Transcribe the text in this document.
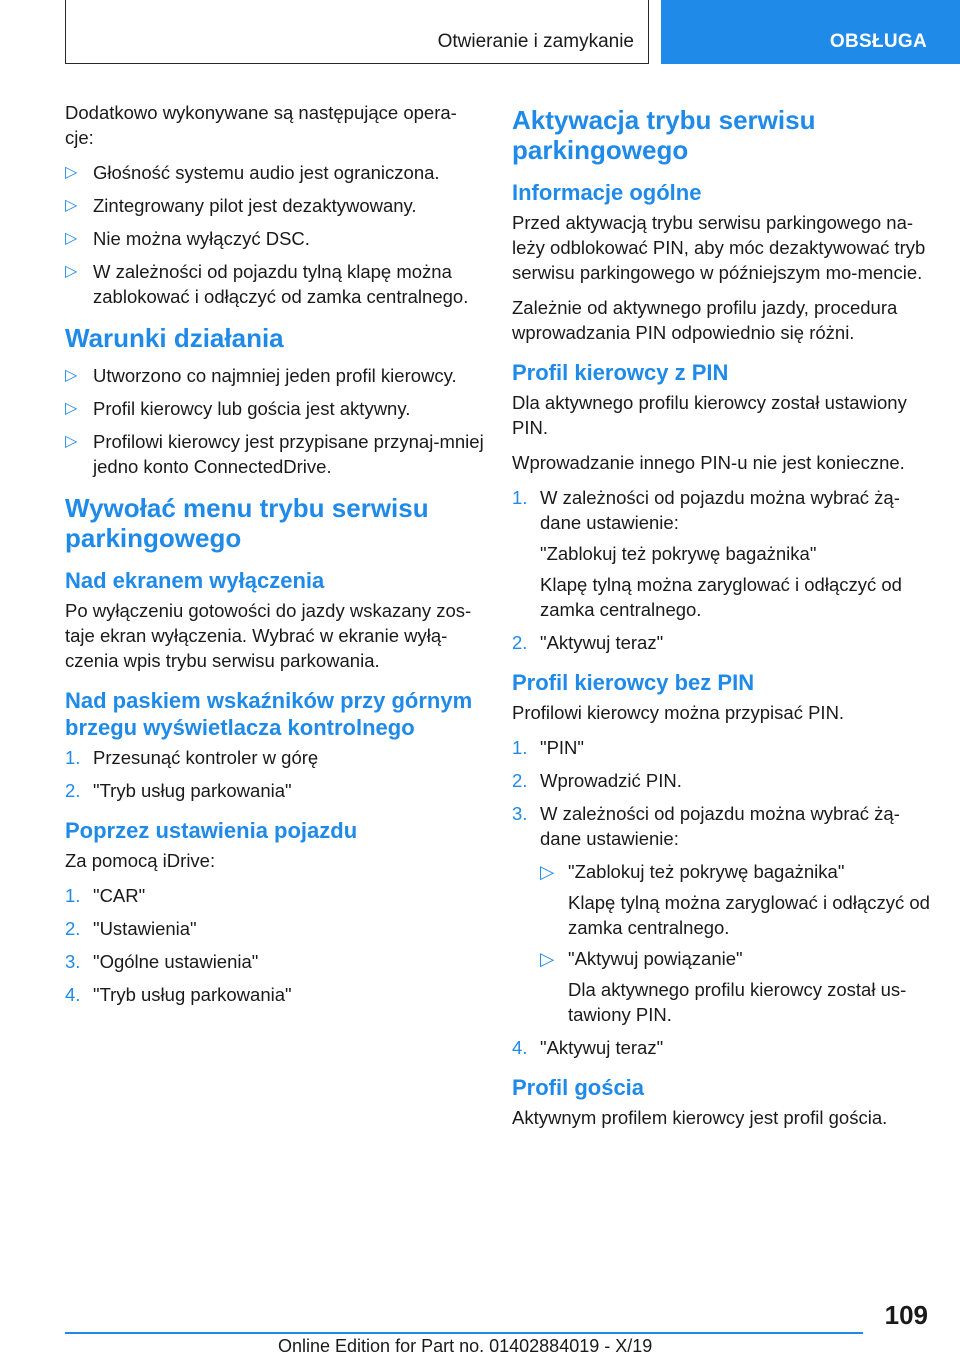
Otwieranie i zamykanie	OBSŁUGA

Dodatkowo wykonywane są następujące opera-cje:

▷ Głośność systemu audio jest ograniczona.
▷ Zintegrowany pilot jest dezaktywowany.
▷ Nie można wyłączyć DSC.
▷ W zależności od pojazdu tylną klapę można zablokować i odłączyć od zamka centralnego.
Warunki działania
▷ Utworzono co najmniej jeden profil kierowcy.
▷ Profil kierowcy lub gościa jest aktywny.
▷ Profilowi kierowcy jest przypisane przynaj-mniej jedno konto ConnectedDrive.
Wywołać menu trybu serwisu parkingowego
Nad ekranem wyłączenia

Po wyłączeniu gotowości do jazdy wskazany zos-taje ekran wyłączenia. Wybrać w ekranie wyłą-czenia wpis trybu serwisu parkowania.

Nad paskiem wskaźników przy górnym brzegu wyświetlacza kontrolnego
1. Przesunąć kontroler w górę
2. "Tryb usług parkowania"
Poprzez ustawienia pojazdu

Za pomocą iDrive:

1. "CAR"
2. "Ustawienia"
3. "Ogólne ustawienia"
4. "Tryb usług parkowania"
Aktywacja trybu serwisu parkingowego
Informacje ogólne

Przed aktywacją trybu serwisu parkingowego na-leży odblokować PIN, aby móc dezaktywować tryb serwisu parkingowego w późniejszym mo-mencie.

Zależnie od aktywnego profilu jazdy, procedura wprowadzania PIN odpowiednio się różni.

Profil kierowcy z PIN

Dla aktywnego profilu kierowcy został ustawiony PIN.

Wprowadzanie innego PIN-u nie jest konieczne.

1. W zależności od pojazdu można wybrać żą-dane ustawienie:
"Zablokuj też pokrywę bagażnika"
Klapę tylną można zaryglować i odłączyć od zamka centralnego.
2. "Aktywuj teraz"
Profil kierowcy bez PIN

Profilowi kierowcy można przypisać PIN.

1. "PIN"
2. Wprowadzić PIN.
3. W zależności od pojazdu można wybrać żą-dane ustawienie:
▷ "Zablokuj też pokrywę bagażnika"
Klapę tylną można zaryglować i odłączyć od zamka centralnego.
▷ "Aktywuj powiązanie"
Dla aktywnego profilu kierowcy został us-tawiony PIN.
4. "Aktywuj teraz"
Profil gościa

Aktywnym profilem kierowcy jest profil gościa.

109
Online Edition for Part no. 01402884019 - X/19
